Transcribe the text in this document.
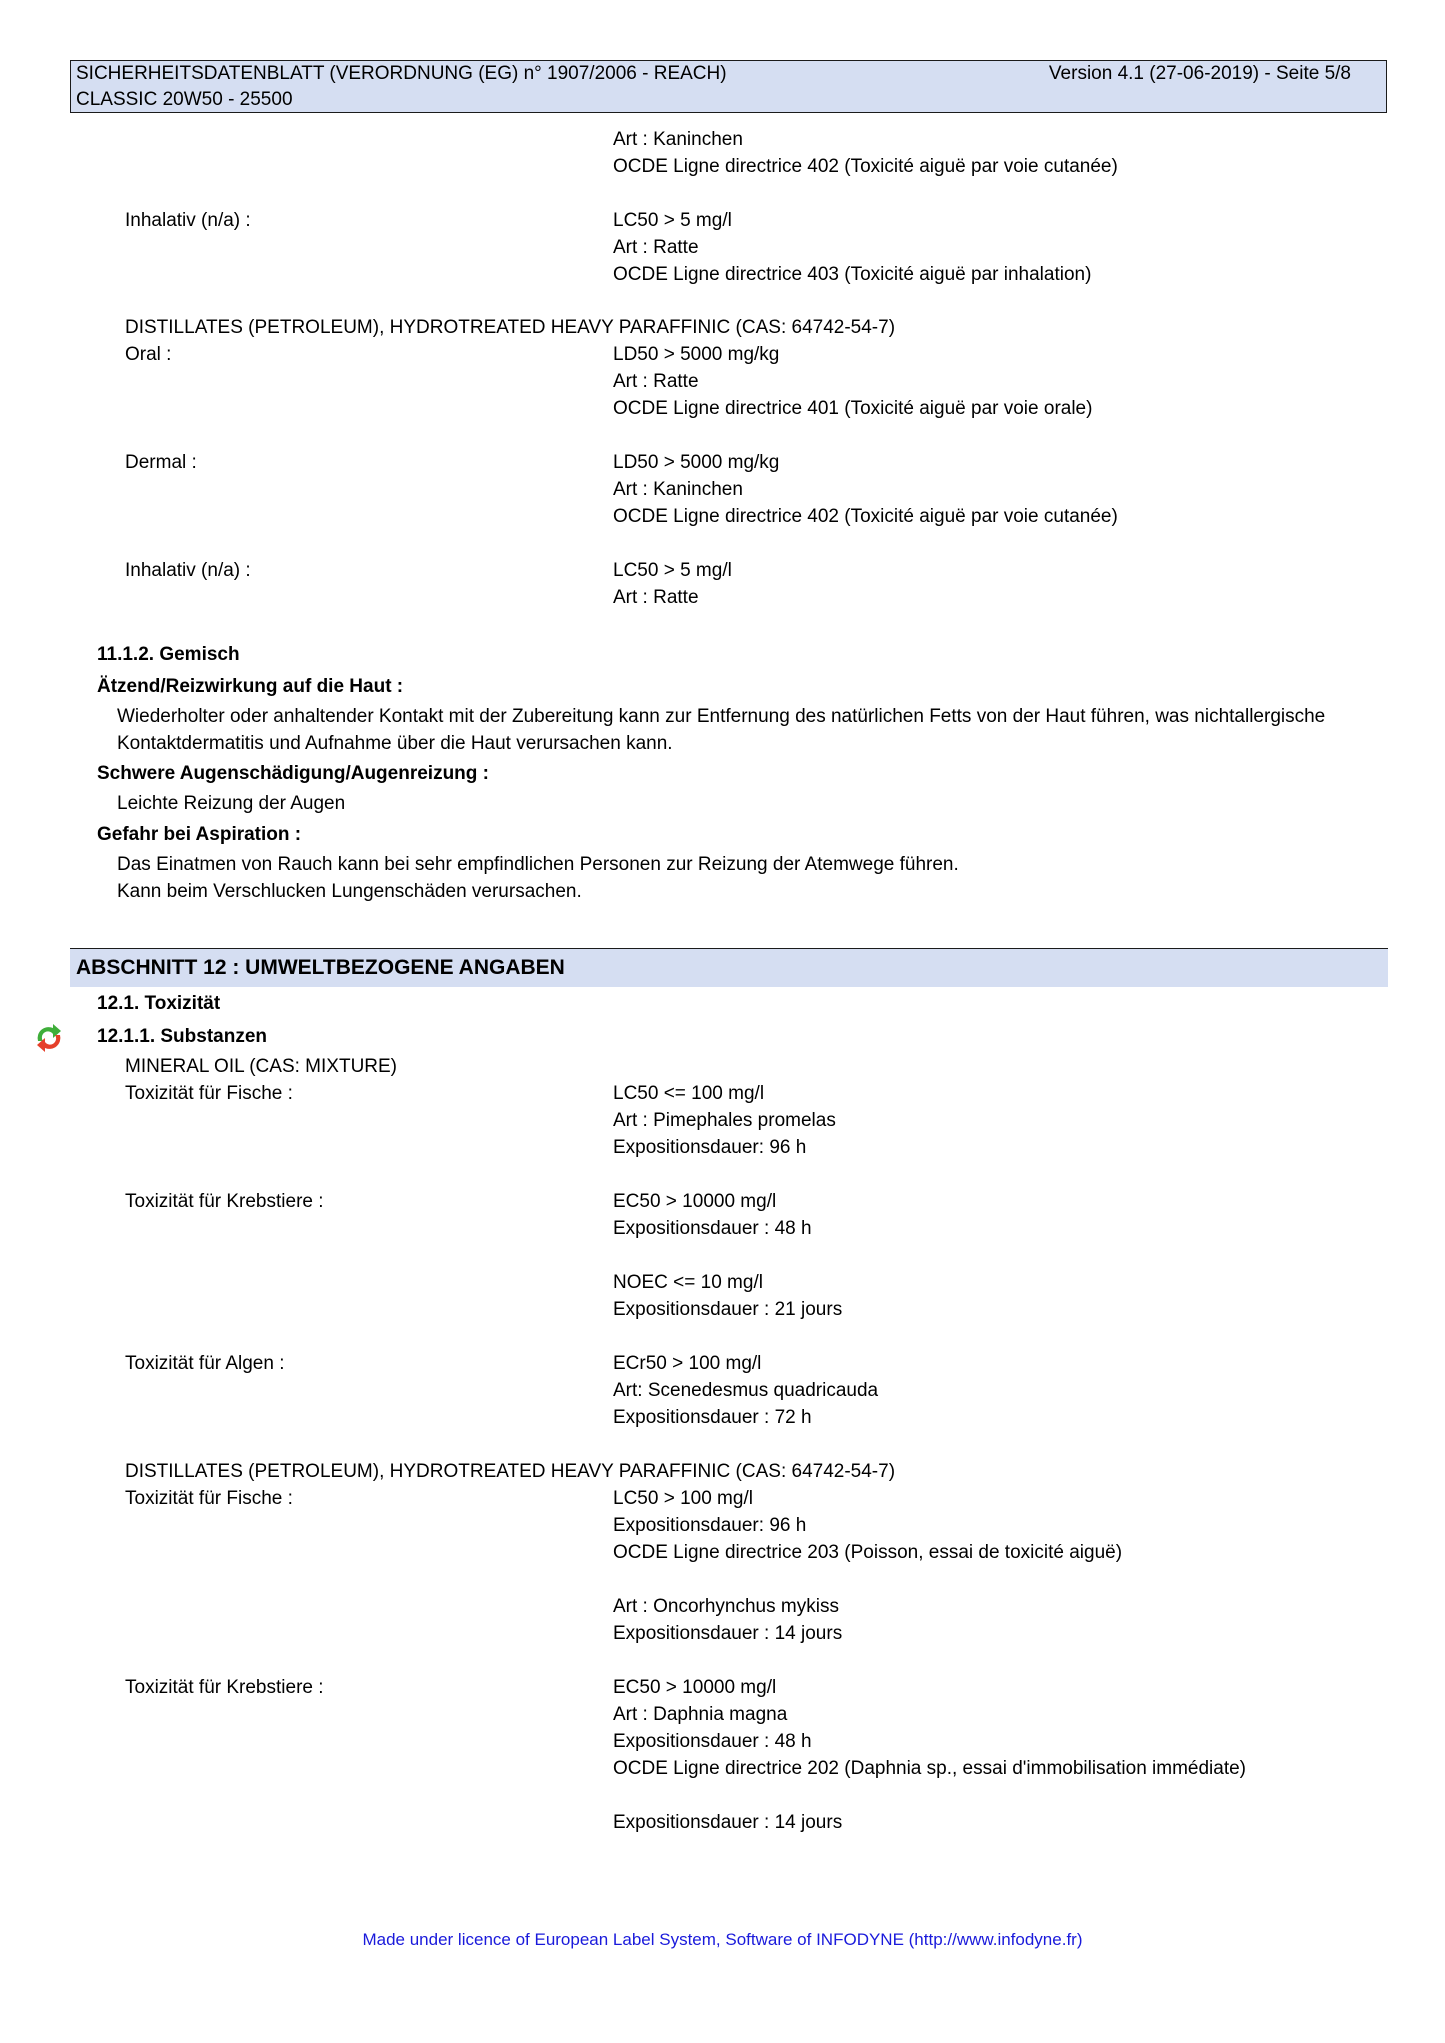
SICHERHEITSDATENBLATT (VERORDNUNG (EG) n° 1907/2006 - REACH)
CLASSIC 20W50 - 25500
Version 4.1 (27-06-2019) - Seite 5/8
Art : Kaninchen
OCDE Ligne directrice 402 (Toxicité aiguë par voie cutanée)
Inhalativ (n/a) :	LC50 > 5 mg/l
Art : Ratte
OCDE Ligne directrice 403 (Toxicité aiguë par inhalation)
DISTILLATES (PETROLEUM), HYDROTREATED HEAVY PARAFFINIC (CAS: 64742-54-7)
Oral :	LD50 > 5000 mg/kg
Art : Ratte
OCDE Ligne directrice 401 (Toxicité aiguë par voie orale)
Dermal :	LD50 > 5000 mg/kg
Art : Kaninchen
OCDE Ligne directrice 402 (Toxicité aiguë par voie cutanée)
Inhalativ (n/a) :	LC50 > 5 mg/l
Art : Ratte
11.1.2. Gemisch
Ätzend/Reizwirkung auf die Haut :
Wiederholter oder anhaltender Kontakt mit der Zubereitung kann zur Entfernung des natürlichen Fetts von der Haut führen, was nichtallergische
Kontaktdermatitis und Aufnahme über die Haut verursachen kann.
Schwere Augenschädigung/Augenreizung :
Leichte Reizung der Augen
Gefahr bei Aspiration :
Das Einatmen von Rauch kann bei sehr empfindlichen Personen zur Reizung der Atemwege führen.
Kann beim Verschlucken Lungenschäden verursachen.
ABSCHNITT 12 : UMWELTBEZOGENE ANGABEN
12.1. Toxizität
12.1.1. Substanzen
MINERAL OIL (CAS: MIXTURE)
Toxizität für Fische :	LC50 <= 100 mg/l
Art : Pimephales promelas
Expositionsdauer: 96 h
Toxizität für Krebstiere :	EC50 > 10000 mg/l
Expositionsdauer : 48 h
NOEC <= 10 mg/l
Expositionsdauer : 21 jours
Toxizität für Algen :	ECr50 > 100 mg/l
Art: Scenedesmus quadricauda
Expositionsdauer : 72 h
DISTILLATES (PETROLEUM), HYDROTREATED HEAVY PARAFFINIC (CAS: 64742-54-7)
Toxizität für Fische :	LC50 > 100 mg/l
Expositionsdauer: 96 h
OCDE Ligne directrice 203 (Poisson, essai de toxicité aiguë)
Art : Oncorhynchus mykiss
Expositionsdauer : 14 jours
Toxizität für Krebstiere :	EC50 > 10000 mg/l
Art : Daphnia magna
Expositionsdauer : 48 h
OCDE Ligne directrice 202 (Daphnia sp., essai d'immobilisation immédiate)
Expositionsdauer : 14 jours
Made under licence of European Label System, Software of INFODYNE (http://www.infodyne.fr)
